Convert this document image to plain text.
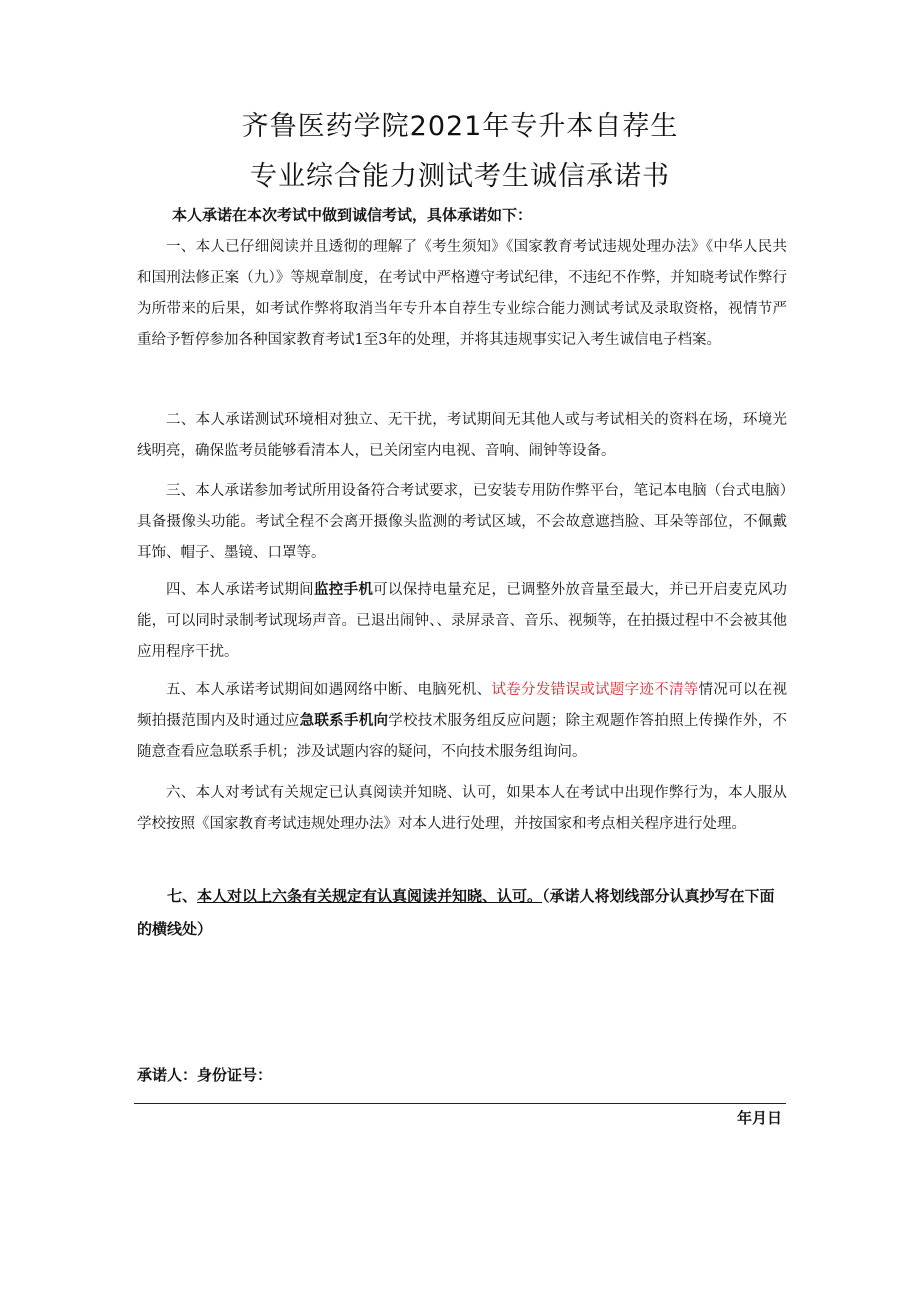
齐鲁医药学院2021年专升本自荐生
专业综合能力测试考生诚信承诺书
本人承诺在本次考试中做到诚信考试，具体承诺如下：
一、本人已仔细阅读并且透彻的理解了《考生须知》《国家教育考试违规处理办法》《中华人民共和国刑法修正案（九）》等规章制度，在考试中严格遵守考试纪律，不违纪不作弊，并知晓考试作弊行为所带来的后果，如考试作弊将取消当年专升本自荐生专业综合能力测试考试及录取资格，视情节严重给予暂停参加各种国家教育考试1至3年的处理，并将其违规事实记入考生诚信电子档案。
二、本人承诺测试环境相对独立、无干扰，考试期间无其他人或与考试相关的资料在场，环境光线明亮，确保监考员能够看清本人，已关闭室内电视、音响、闹钟等设备。
三、本人承诺参加考试所用设备符合考试要求，已安装专用防作弊平台，笔记本电脑（台式电脑）具备摄像头功能。考试全程不会离开摄像头监测的考试区域，不会故意遮挡脸、耳朵等部位，不佩戴耳饰、帽子、墨镜、口罩等。
四、本人承诺考试期间监控手机可以保持电量充足，已调整外放音量至最大，并已开启麦克风功能，可以同时录制考试现场声音。已退出闹钟、、录屏录音、音乐、视频等，在拍摄过程中不会被其他应用程序干扰。
五、本人承诺考试期间如遇网络中断、电脑死机、试卷分发错误或试题字迹不清等情况可以在视频拍摄范围内及时通过应急联系手机向学校技术服务组反应问题；除主观题作答拍照上传操作外，不随意查看应急联系手机；涉及试题内容的疑问，不向技术服务组询问。
六、本人对考试有关规定已认真阅读并知晓、认可，如果本人在考试中出现作弊行为，本人服从学校按照《国家教育考试违规处理办法》对本人进行处理，并按国家和考点相关程序进行处理。
七、本人对以上六条有关规定有认真阅读并知晓、认可。（承诺人将划线部分认真抄写在下面的横线处）
承诺人：身份证号：
年月日
